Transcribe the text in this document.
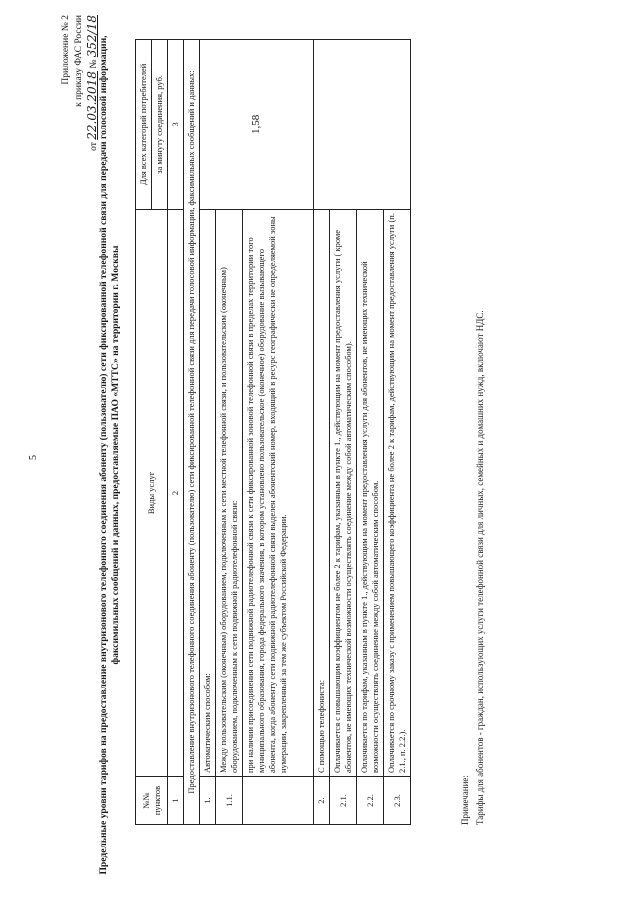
5
Приложение № 2 к приказу ФАС России
от 22.03.2018 № 352/18 Предельные уровни тарифов на предоставление внутризонового телефонного соединения абоненту (пользователю) сети фиксированной телефонной связи для передачи голосовой информации, факсимильных сообщений и данных, предоставляемые ПАО «МТТС» на территории г. Москвы
№№ пунктов	Виды услуг	Для всех категорий потребителей
		за минуту соединения, руб.
1	2	3
Предоставление внутризонового телефонного соединения абоненту (пользователю) сети фиксированной телефонной связи для передачи голосовой информации, факсимильных сообщений и данных:		
1.	Автоматическим способом:	1,58
1.1.	Между пользовательским (оконечным) оборудованием, подключенным к сети местной телефонной связи, и пользовательским (оконечным) оборудованием, подключенным к сети подвижной радиотелефонной связи:	
	при наличии присоединения сети подвижной радиотелефонной связи к сети фиксированной зоновой телефонной связи в пределах территории того муниципального образования, города федерального значения, в котором установлено пользовательское (оконечное) оборудование вызывающего абонента, когда абоненту сети подвижной радиотелефонной связи выделен абонентский номер, входящий в ресурс географически не определяемой зоны нумерации, закрепленный за тем же субъектом Российской Федерации.	
2.	С помощью телефониста:	
2.1.	Оплачивается с повышающим коэффициентом не более 2 к тарифам, указанным в пункте 1., действующим на момент предоставления услуги ( кроме абонентов, не имеющих технической возможности осуществлять соединение между собой автоматическим способом).	
2.2.	Оплачивается по тарифам, указанным в пункте 1., действующим на момент предоставления услуги для абонентов, не имеющих технической возможности осуществлять соединение между собой автоматическим способом.	
2.3.	Оплачивается по срочному заказу с применением повышающего коэффициента не более 2 к тарифам, действующим на момент предоставления услуги (п. 2.1., п. 2.2.).	
Примечание: Тарифы для абонентов - граждан, использующих услуги телефонной связи для личных, семейных и домашних нужд, включают НДС.
